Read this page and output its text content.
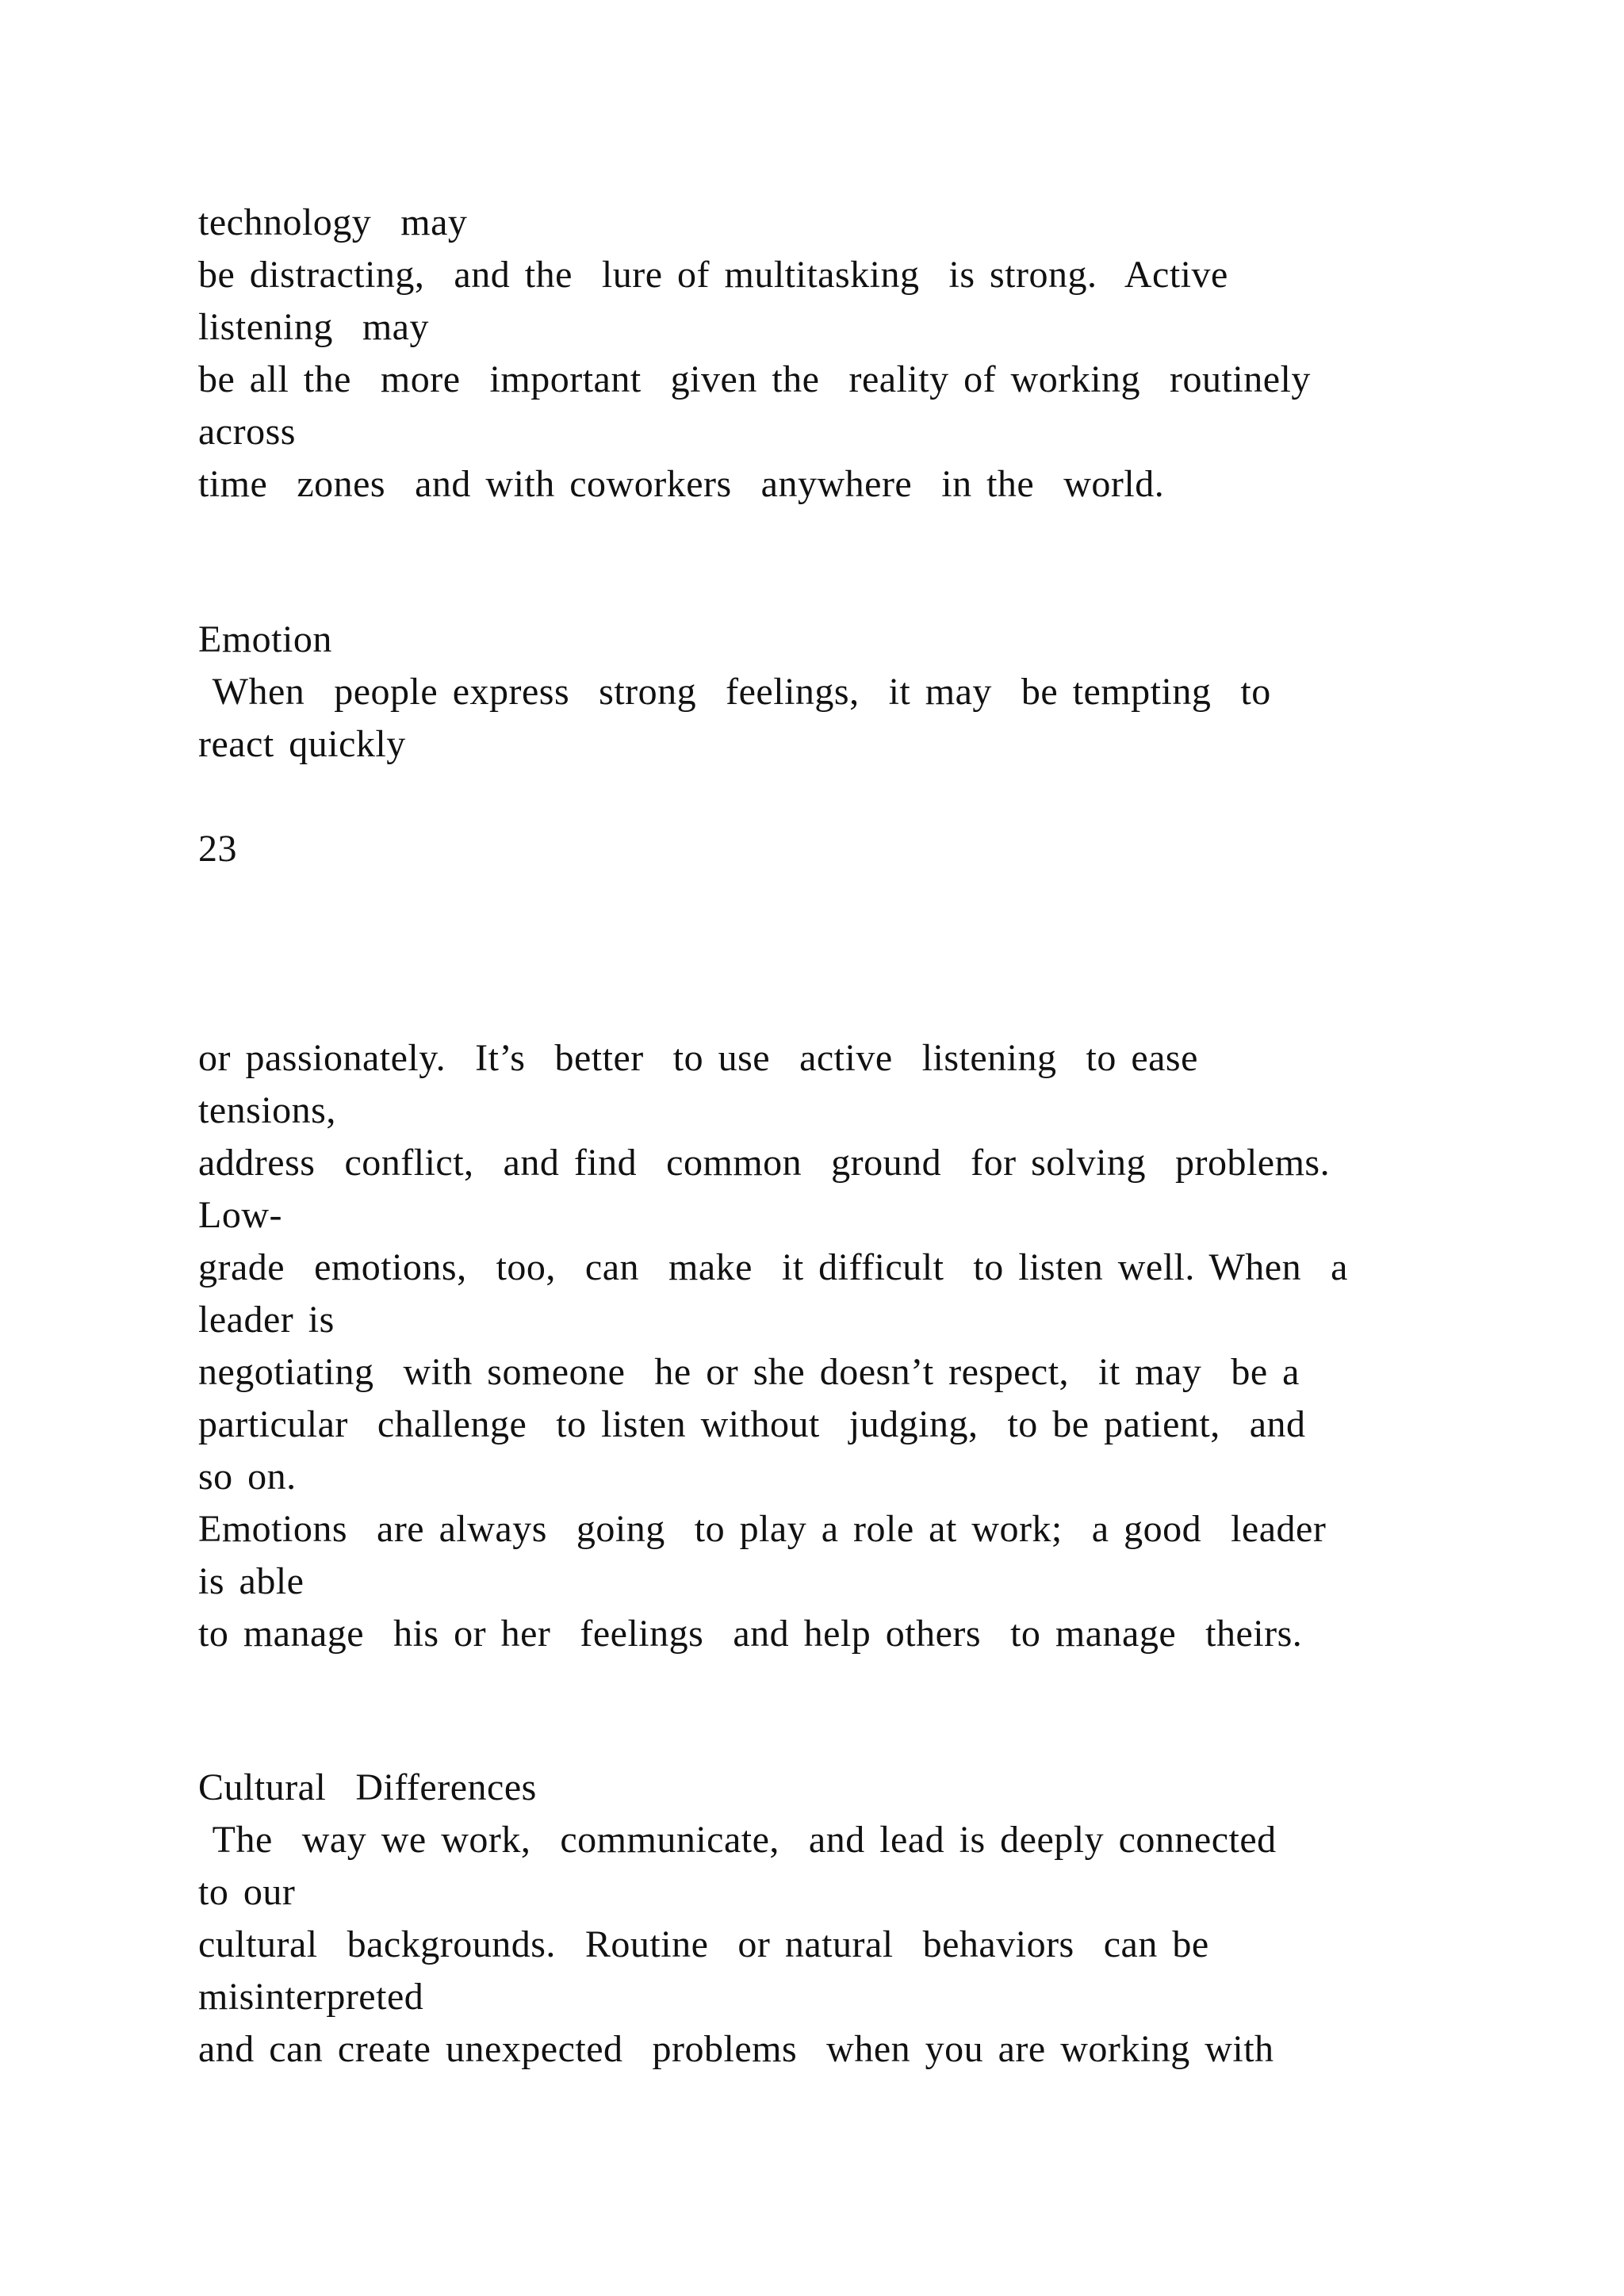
technology  may
be distracting,  and the  lure of multitasking  is strong.  Active
listening  may
be all the  more  important  given the  reality of working  routinely
across
time  zones  and with coworkers  anywhere  in the  world.
Emotion
When  people express  strong  feelings,  it may  be tempting  to
react quickly
23
or passionately.  It’s  better  to use  active  listening  to ease
tensions,
address  conflict,  and find  common  ground  for solving  problems.
Low-
grade  emotions,  too,  can  make  it difficult  to listen well. When  a
leader is
negotiating  with someone  he or she doesn’t respect,  it may  be a
particular  challenge  to listen without  judging,  to be patient,  and
so on.
Emotions  are always  going  to play a role at work;  a good  leader
is able
to manage  his or her  feelings  and help others  to manage  theirs.
Cultural  Differences
The  way we work,  communicate,  and lead is deeply connected
to our
cultural  backgrounds.  Routine  or natural  behaviors  can be
misinterpreted
and can create unexpected  problems  when you are working with
